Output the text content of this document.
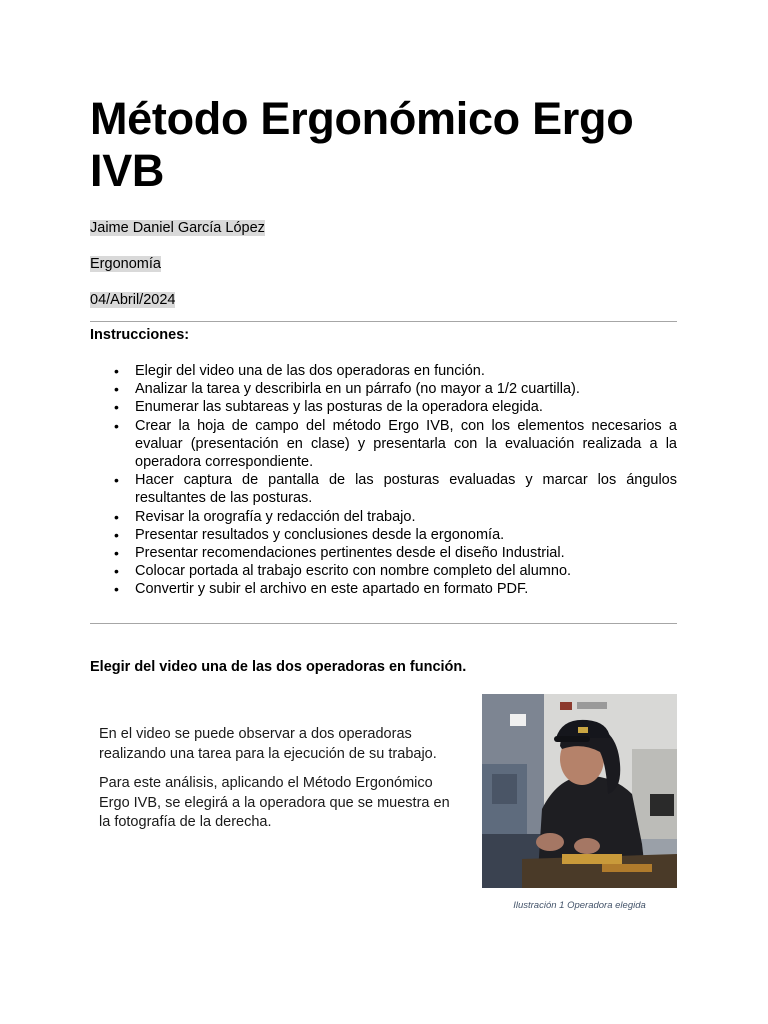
Método Ergonómico Ergo IVB

Jaime Daniel García López

Ergonomía

04/Abril/2024

Instrucciones:

• Elegir del video una de las dos operadoras en función.
• Analizar la tarea y describirla en un párrafo (no mayor a 1/2 cuartilla).
• Enumerar las subtareas y las posturas de la operadora elegida.
• Crear la hoja de campo del método Ergo IVB, con los elementos necesarios a evaluar (presentación en clase) y presentarla con la evaluación realizada a la operadora correspondiente.
• Hacer captura de pantalla de las posturas evaluadas y marcar los ángulos resultantes de las posturas.
• Revisar la orografía y redacción del trabajo.
• Presentar resultados y conclusiones desde la ergonomía.
• Presentar recomendaciones pertinentes desde el diseño Industrial.
• Colocar portada al trabajo escrito con nombre completo del alumno.
• Convertir y subir el archivo en este apartado en formato PDF.

Elegir del video una de las dos operadoras en función.

En el video se puede observar a dos operadoras realizando una tarea para la ejecución de su trabajo.

Para este análisis, aplicando el Método Ergonómico Ergo IVB, se elegirá a la operadora que se muestra en la fotografía de la derecha.

Ilustración 1 Operadora elegida
